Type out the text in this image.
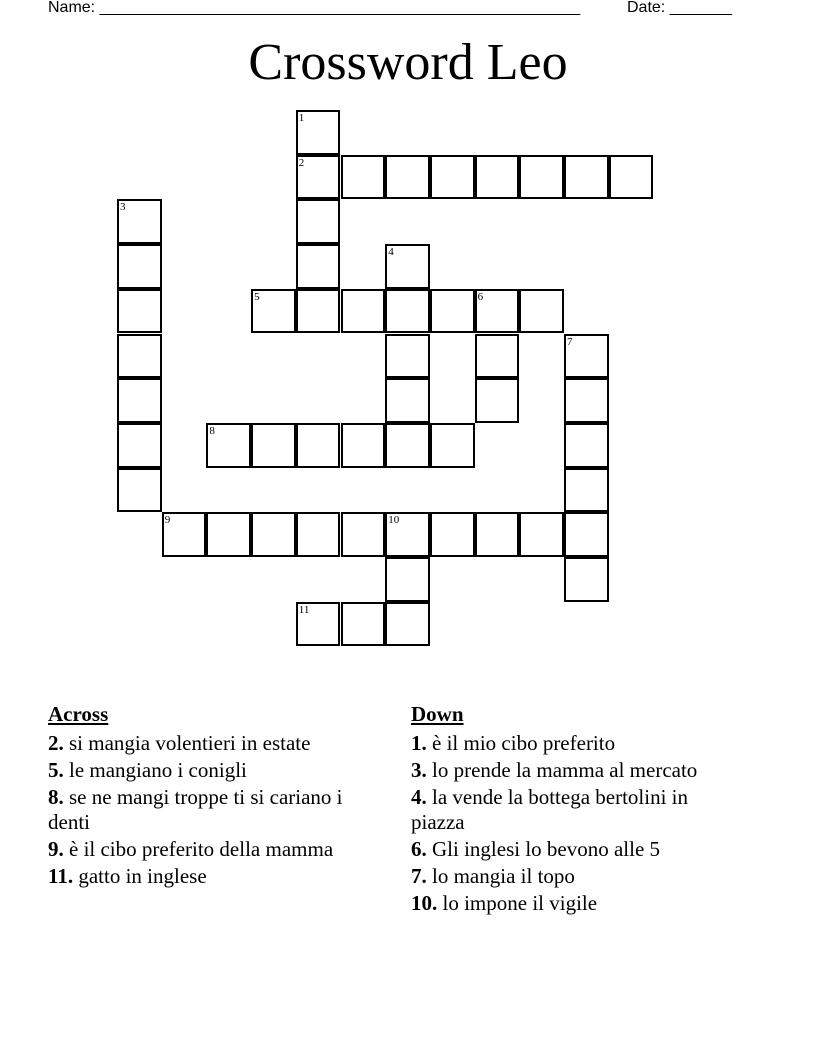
Name: ______________________________________________________	Date: _______
Crossword Leo
1
2
3
4
5	6
7
8
9	10
11
Across
2. si mangia volentieri in estate
5. le mangiano i conigli
8. se ne mangi troppe ti si cariano i denti
9. è il cibo preferito della mamma
11. gatto in inglese
Down
1. è il mio cibo preferito
3. lo prende la mamma al mercato
4. la vende la bottega bertolini in piazza
6. Gli inglesi lo bevono alle 5
7. lo mangia il topo
10. lo impone il vigile
